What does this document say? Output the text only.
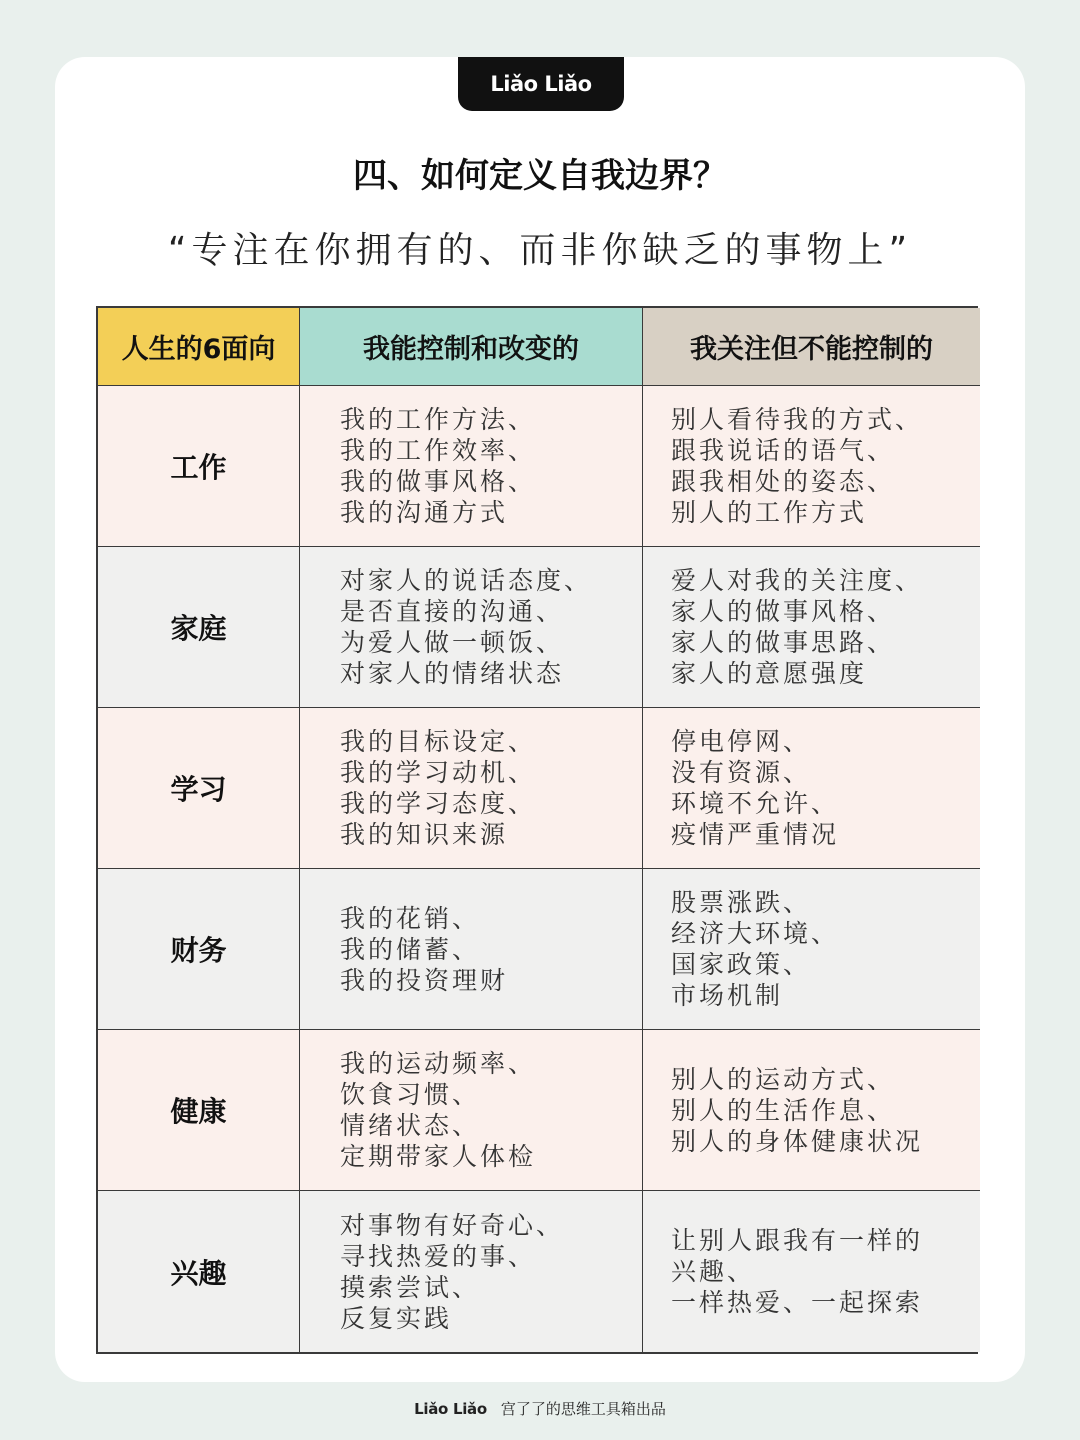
Liǎo Liǎo
四、如何定义自我边界？
“专注在你拥有的、而非你缺乏的事物上”
人生的6面向	我能控制和改变的	我关注但不能控制的
工作
我的工作方法、
我的工作效率、
我的做事风格、
我的沟通方式
别人看待我的方式、
跟我说话的语气、
跟我相处的姿态、
别人的工作方式
家庭
对家人的说话态度、
是否直接的沟通、
为爱人做一顿饭、
对家人的情绪状态
爱人对我的关注度、
家人的做事风格、
家人的做事思路、
家人的意愿强度
学习
我的目标设定、
我的学习动机、
我的学习态度、
我的知识来源
停电停网、
没有资源、
环境不允许、
疫情严重情况
财务
我的花销、
我的储蓄、
我的投资理财
股票涨跌、
经济大环境、
国家政策、
市场机制
健康
我的运动频率、
饮食习惯、
情绪状态、
定期带家人体检
别人的运动方式、
别人的生活作息、
别人的身体健康状况
兴趣
对事物有好奇心、
寻找热爱的事、
摸索尝试、
反复实践
让别人跟我有一样的
兴趣、
一样热爱、一起探索
Liǎo Liǎo 宫了了的思维工具箱出品
